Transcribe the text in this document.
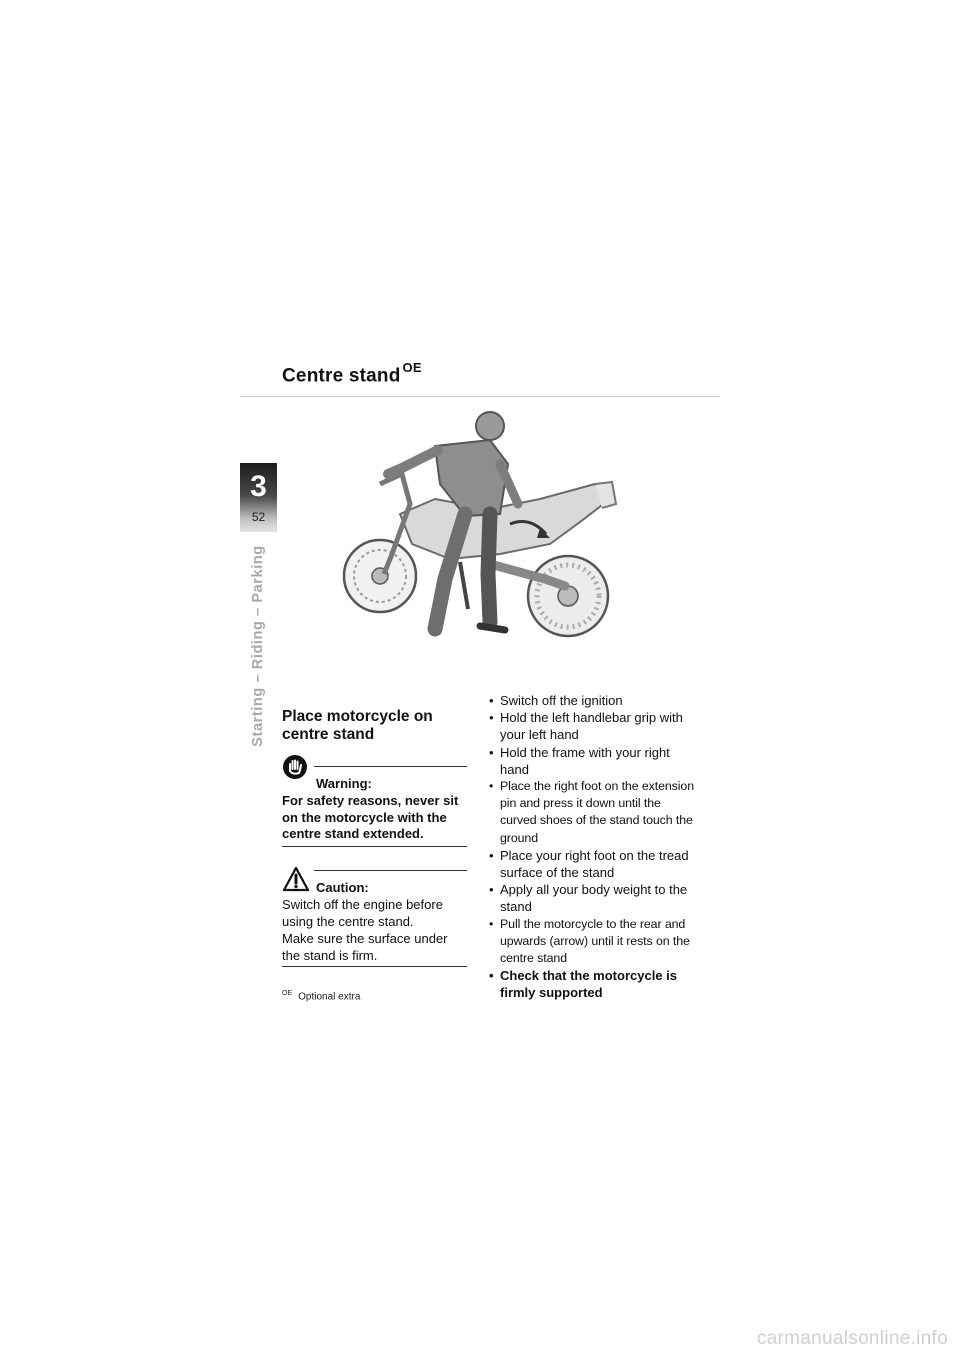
Centre stand $^{OE}$
3
52
Starting – Riding – Parking Place motorcycle on centre stand
Warning:
For safety reasons, never sit on the motorcycle with the centre stand extended.
Caution:
Switch off the engine before using the centre stand.
Make sure the surface under the stand is firm.
$^{OE}$ Optional extra
• Switch off the ignition
• Hold the left handlebar grip with your left hand
• Hold the frame with your right hand
• Place the right foot on the extension pin and press it down until the curved shoes of the stand touch the ground
• Place your right foot on the tread surface of the stand
• Apply all your body weight to the stand
• Pull the motorcycle to the rear and upwards (arrow) until it rests on the centre stand
• Check that the motorcycle is firmly supported
carmanualsonline.info
